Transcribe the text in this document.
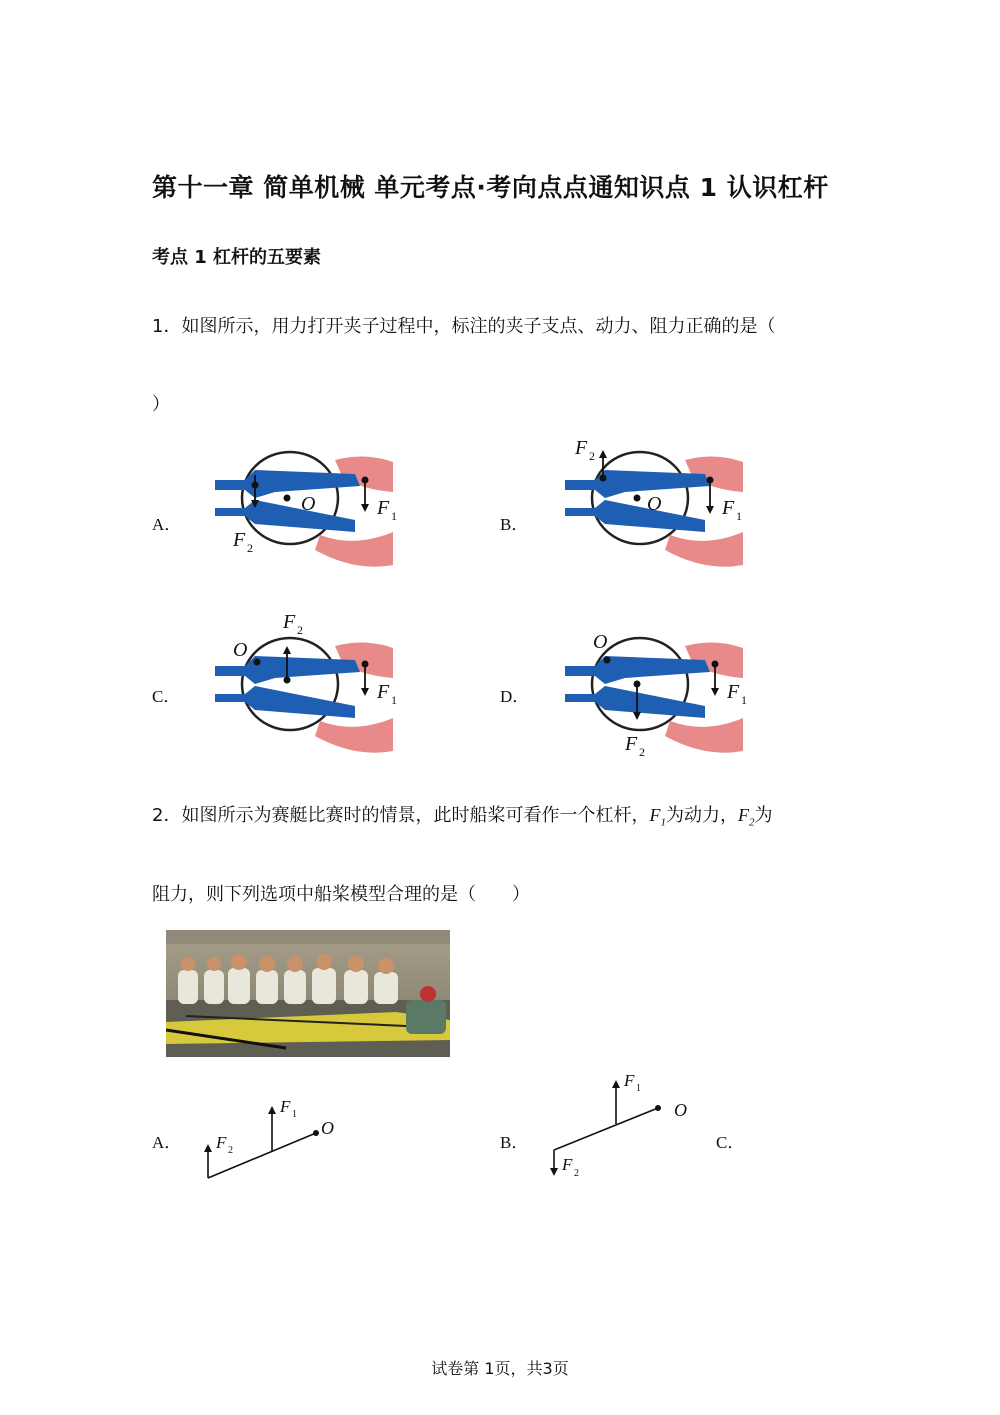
第十一章 简单机械 单元考点·考向点点通知识点 1 认识杠杆
考点 1 杠杆的五要素
1．如图所示，用力打开夹子过程中，标注的夹子支点、动力、阻力正确的是（
）
A．	B．
C．	D．
O	F 1
F 2
F 2
O	F 1
O
F 2
F 1
O
F 1
F 2
2．如图所示为赛艇比赛时的情景，此时船桨可看作一个杠杆，$F_1$为动力，$F_2$为
阻力，则下列选项中船桨模型合理的是（　　）
A．	B．	C．
F 2
F 1
O
F 1
O
F 2
试卷第 1页，共3页
